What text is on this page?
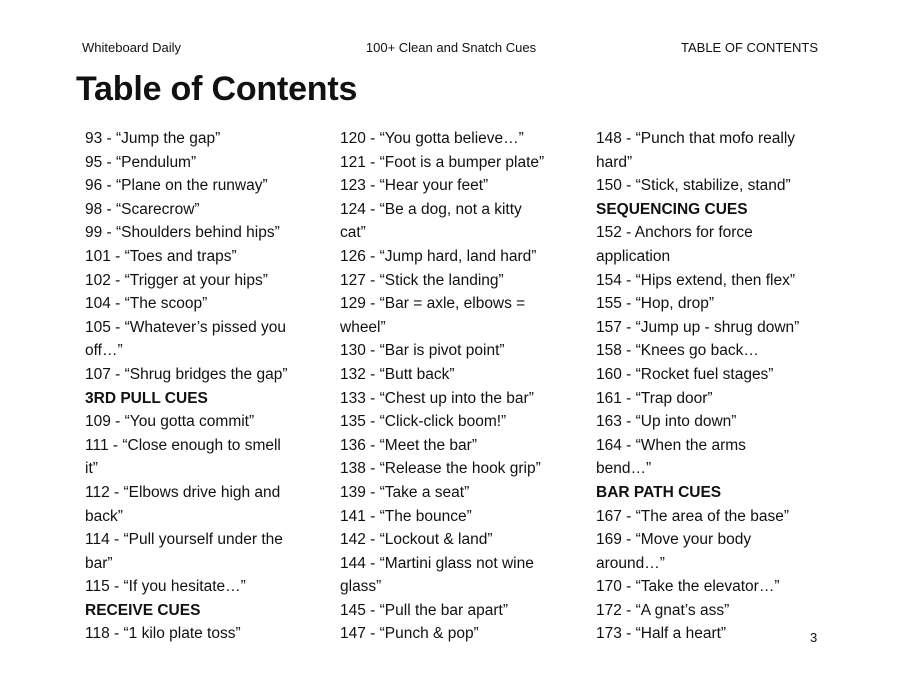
Whiteboard Daily	100+ Clean and Snatch Cues	TABLE OF CONTENTS
Table of Contents
93 - “Jump the gap”
95 - “Pendulum”
96 - “Plane on the runway”
98 - “Scarecrow”
99 - “Shoulders behind hips”
101 - “Toes and traps”
102 - “Trigger at your hips”
104 - “The scoop”
105 - “Whatever’s pissed you
off…”
107 - “Shrug bridges the gap”
3RD PULL CUES
109 - “You gotta commit”
111 - “Close enough to smell
it”
112 - “Elbows drive high and
back”
114 - “Pull yourself under the
bar”
115 - “If you hesitate…”
RECEIVE CUES
118 - “1 kilo plate toss”
120 - “You gotta believe…”
121 - “Foot is a bumper plate”
123 - “Hear your feet”
124 - “Be a dog, not a kitty
cat”
126 - “Jump hard, land hard”
127 - “Stick the landing”
129 - “Bar = axle, elbows =
wheel”
130 - “Bar is pivot point”
132 - “Butt back”
133 - “Chest up into the bar”
135 - “Click-click boom!”
136 - “Meet the bar”
138 - “Release the hook grip”
139 - “Take a seat”
141 - “The bounce”
142 - “Lockout & land”
144 - “Martini glass not wine
glass”
145 - “Pull the bar apart”
147 - “Punch & pop”
148 - “Punch that mofo really
hard”
150 - “Stick, stabilize, stand”
SEQUENCING CUES
152 - Anchors for force
application
154 - “Hips extend, then flex”
155 - “Hop, drop”
157 - “Jump up - shrug down”
158 - “Knees go back…
160 - “Rocket fuel stages”
161 - “Trap door”
163 - “Up into down”
164 - “When the arms
bend…”
BAR PATH CUES
167 - “The area of the base”
169 - “Move your body
around…”
170 - “Take the elevator…”
172 - “A gnat’s ass”
173 - “Half a heart”	3
